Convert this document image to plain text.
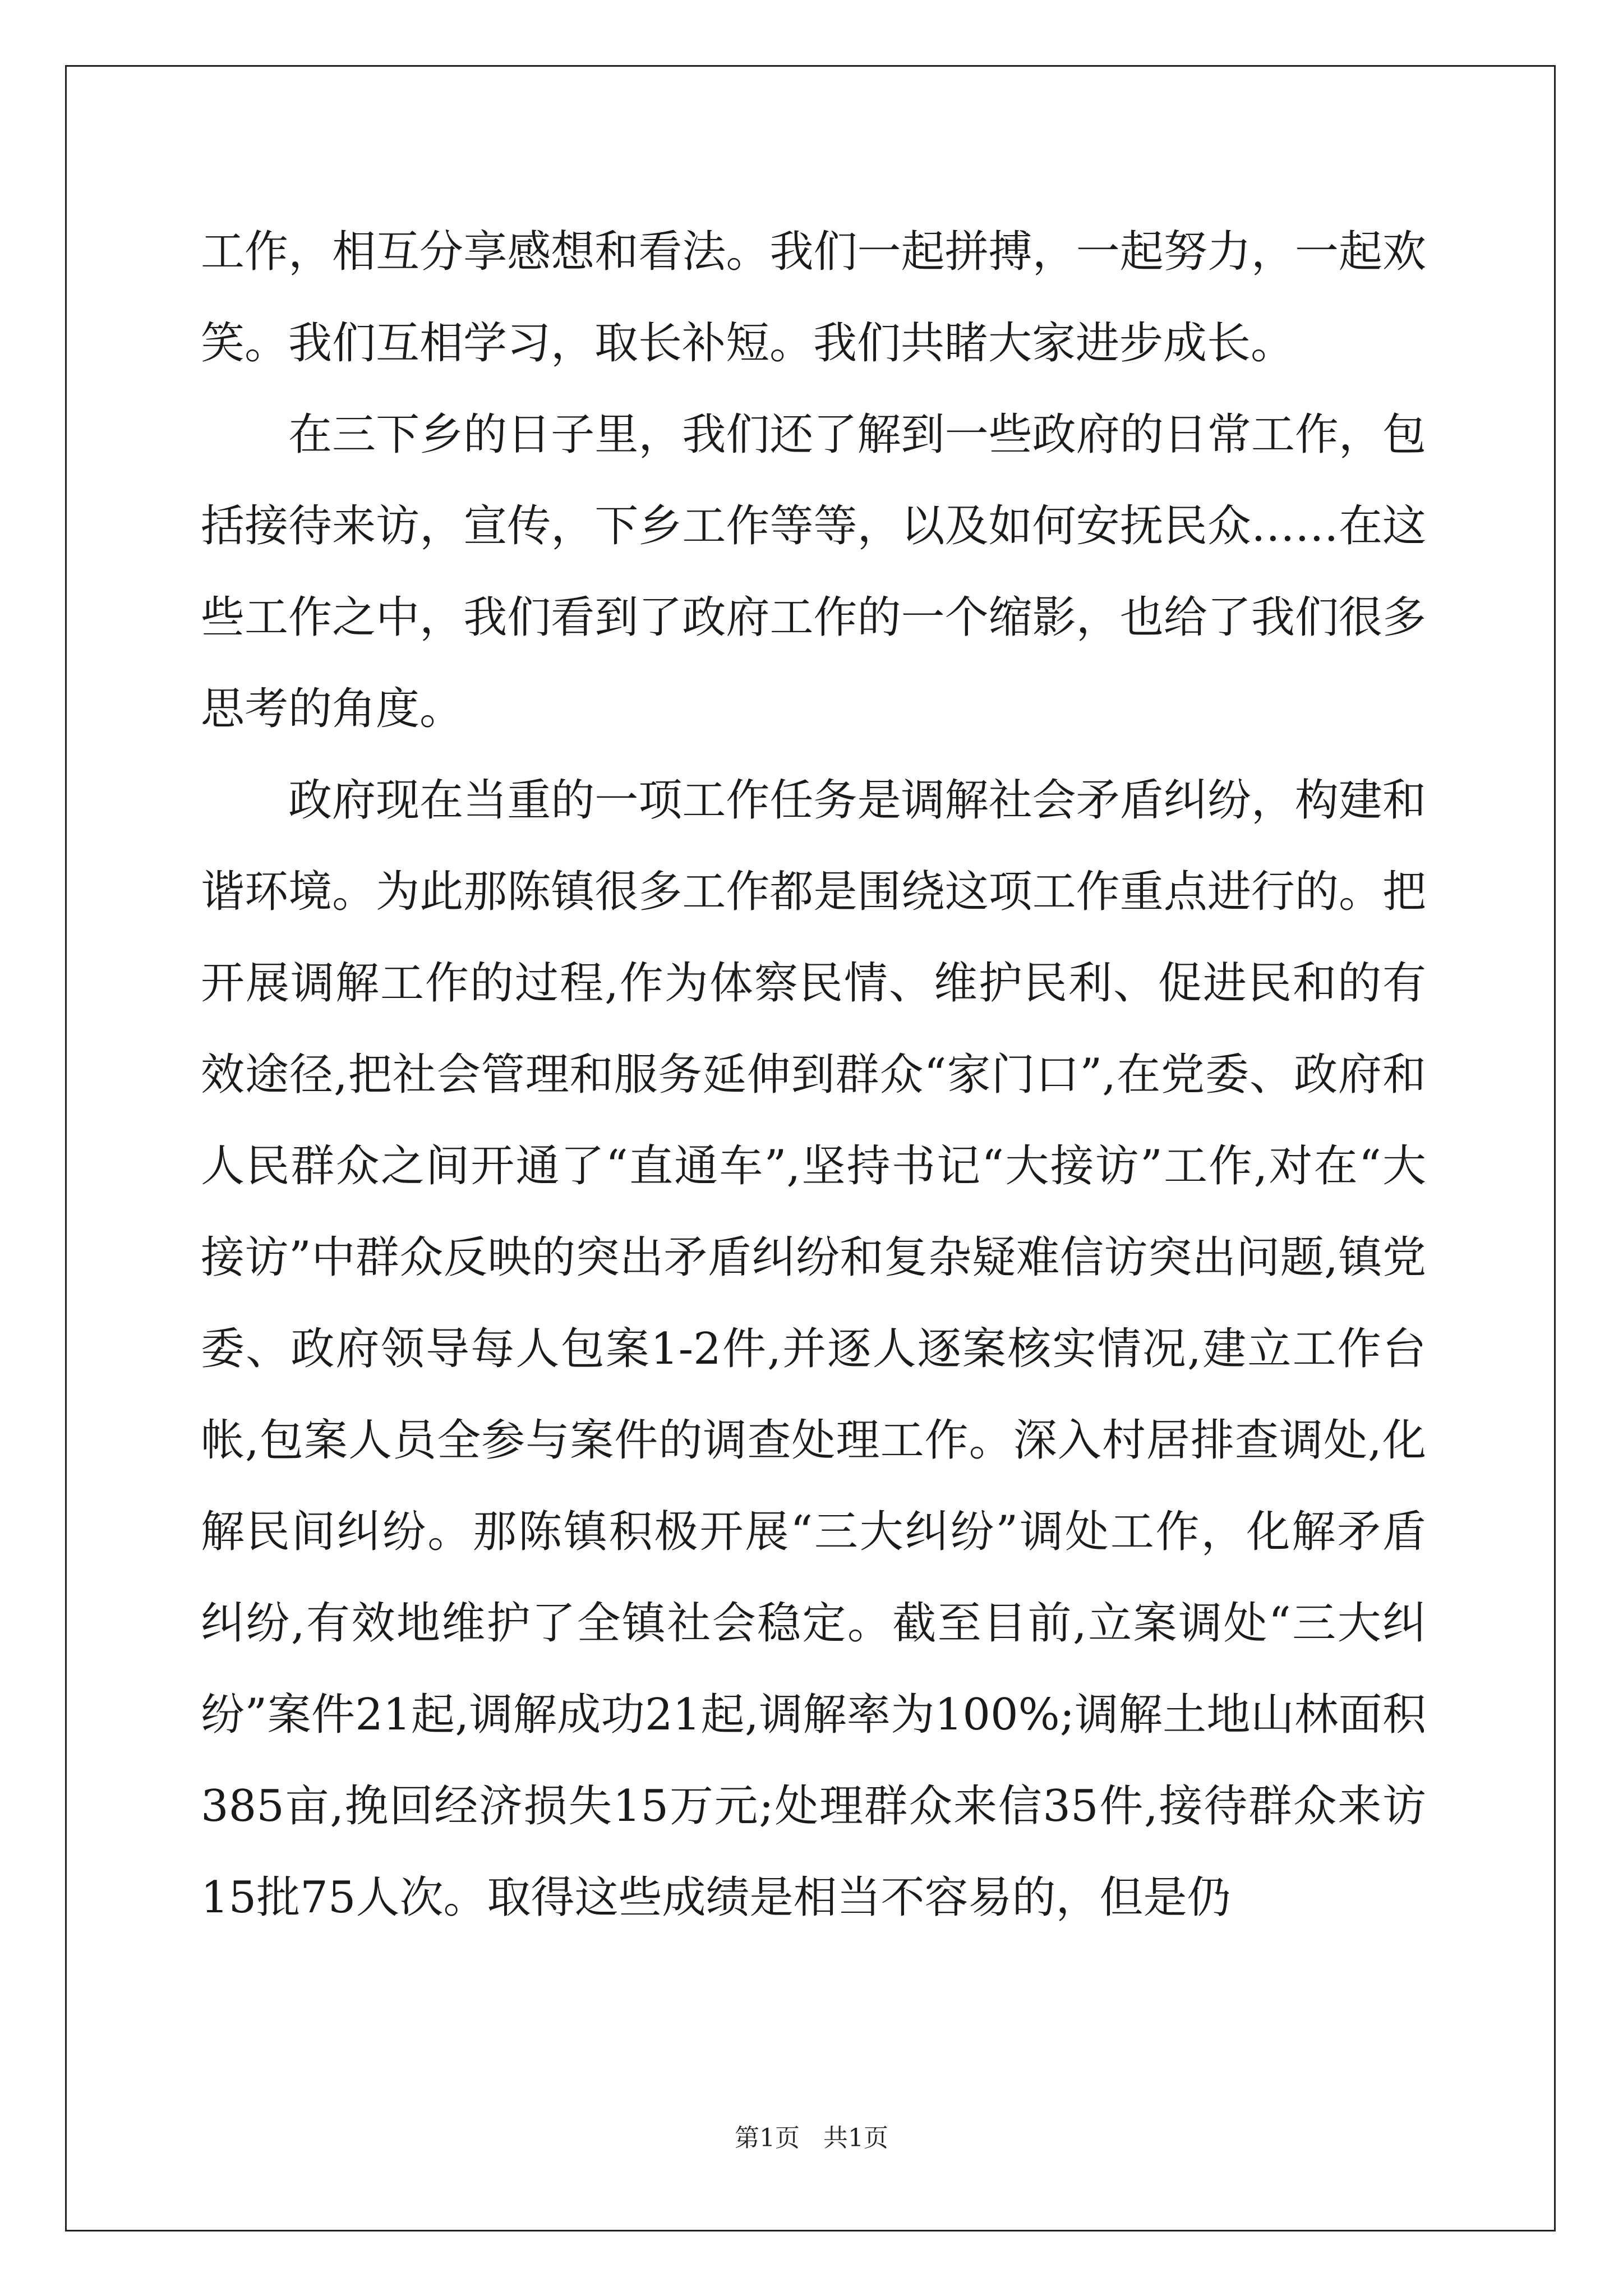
工作，相互分享感想和看法。我们一起拼搏，一起努力，一起欢笑。我们互相学习，取长补短。我们共睹大家进步成长。

在三下乡的日子里，我们还了解到一些政府的日常工作，包括接待来访，宣传，下乡工作等等，以及如何安抚民众……在这些工作之中，我们看到了政府工作的一个缩影，也给了我们很多思考的角度。

政府现在当重的一项工作任务是调解社会矛盾纠纷，构建和谐环境。为此那陈镇很多工作都是围绕这项工作重点进行的。把开展调解工作的过程,作为体察民情、维护民利、促进民和的有效途径,把社会管理和服务延伸到群众“家门口”,在党委、政府和人民群众之间开通了“直通车”,坚持书记“大接访”工作,对在“大接访”中群众反映的突出矛盾纠纷和复杂疑难信访突出问题,镇党委、政府领导每人包案1-2件,并逐人逐案核实情况,建立工作台帐,包案人员全参与案件的调查处理工作。深入村居排查调处,化解民间纠纷。那陈镇积极开展“三大纠纷”调处工作，化解矛盾纠纷,有效地维护了全镇社会稳定。截至目前,立案调处“三大纠纷”案件21起,调解成功21起,调解率为100%;调解土地山林面积385亩,挽回经济损失15万元;处理群众来信35件,接待群众来访15批75人次。取得这些成绩是相当不容易的，但是仍

第1页   共1页
